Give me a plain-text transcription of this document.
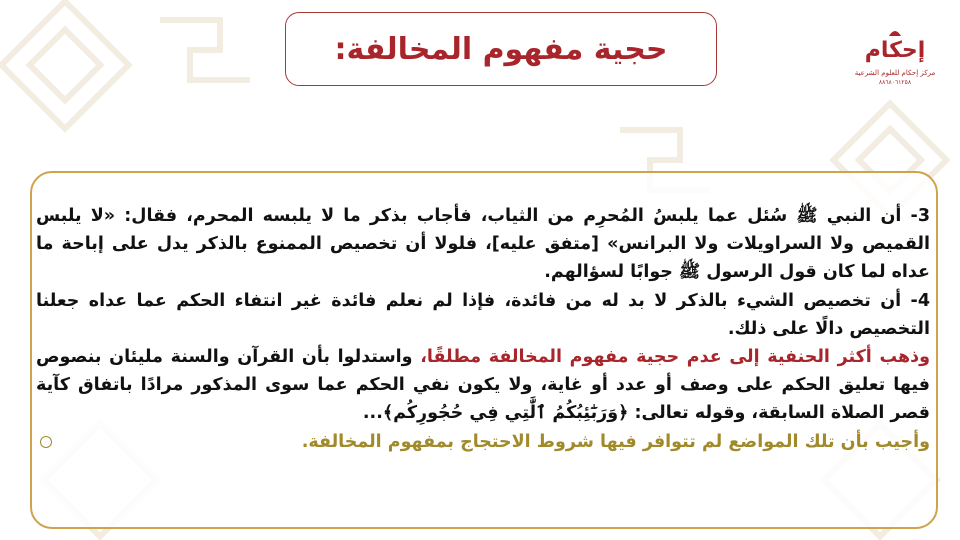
حجية مفهوم المخالفة:	إحكام
مركز إحكام للعلوم الشرعية
٨٨٦٨٠٦١٢٥٨

3- أن النبي ﷺ سُئل عما يلبسُ المُحرِم من الثياب، فأجاب بذكر ما لا يلبسه المحرم، فقال: «لا يلبس القميص ولا السراويلات ولا البرانس» [متفق عليه]، فلولا أن تخصيص الممنوع بالذكر يدل على إباحة ما عداه لما كان قول الرسول ﷺ جوابًا لسؤالهم.

4- أن تخصيص الشيء بالذكر لا بد له من فائدة، فإذا لم نعلم فائدة غير انتفاء الحكم عما عداه جعلنا التخصيص دالًا على ذلك.

وذهب أكثر الحنفية إلى عدم حجية مفهوم المخالفة مطلقًا، واستدلوا بأن القرآن والسنة مليئان بنصوص فيها تعليق الحكم على وصف أو عدد أو غاية، ولا يكون نفي الحكم عما سوى المذكور مرادًا باتفاق كآية قصر الصلاة السابقة، وقوله تعالى: ﴿وَرَبَٰٓئِبُكُمُ ٱلَّٰتِي فِي حُجُورِكُم﴾...

وأجيب بأن تلك المواضع لم تتوافر فيها شروط الاحتجاج بمفهوم المخالفة.
